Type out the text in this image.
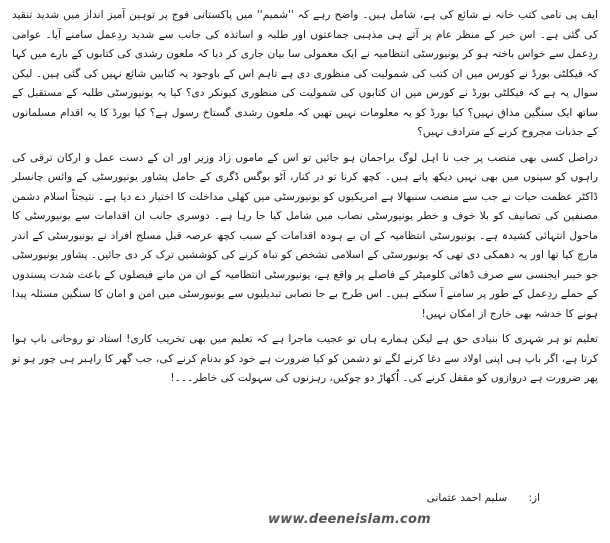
ایف پی نامی کتب خانہ نے شائع کی ہے، شامل ہیں۔ واضح رہے کہ ''شمیم'' میں پاکستانی فوج پر توہین آمیز انداز میں شدید تنقید کی گئی ہے۔ اس خبر کے منظر عام پر آتے ہی مذہبی جماعتوں اور طلبہ و اساتذہ کی جانب سے شدید ردِعمل سامنے آیا۔ عوامی ردِعمل سے خواس باختہ ہو کر یونیورسٹی انتظامیہ نے ایک معمولی سا بیان جاری کر دیا کہ ملعون رشدی کی کتابوں کے بارے میں کہا کہ فیکلٹی بورڈ نے کورس میں ان کتب کی شمولیت کی منظوری دی ہے تاہم اس کے باوجود یہ کتابیں شائع نہیں کی گئی ہیں۔ لیکن سوال یہ ہے کہ فیکلٹی بورڈ نے کورس میں ان کتابوں کی شمولیت کی منظوری کیونکر دی؟ کیا یہ یونیورسٹی طلبہ کے مستقبل کے ساتھ ایک سنگین مذاق نہیں؟ کیا بورڈ کو یہ معلومات نہیں تھیں کہ ملعون رشدی گستاخ رسول ہے؟ کیا بورڈ کا یہ اقدام مسلمانوں کے جذبات مجروح کرنے کے مترادف نہیں؟

دراصل کسی بھی منصب پر جب نا اہل لوگ براجمان ہو جائیں تو اس کے ماموں زاد وزیر اور ان کے دست عمل و ارکان ترقی کی راہوں کو سپنوں میں بھی نہیں دیکھ پاتے ہیں۔ کچھ کرنا تو در کنار، آٹو بوگس ڈگری کے حامل پشاور یونیورسٹی کے وائس چانسلر ڈاکٹر عظمت حیات نے جب سے منصب سنبھالا ہے امریکیوں کو یونیورسٹی میں کھلی مداخلت کا اختیار دے دیا ہے۔ نتیجتاً اسلام دشمن مصنفین کی تصانیف کو بلا خوف و خطر یونیورسٹی نصاب میں شامل کیا جا رہا ہے۔ دوسری جانب ان اقدامات سے یونیورسٹی کا ماحول انتہائی کشیدہ ہے۔ یونیورسٹی انتظامیہ کے ان بے ہودہ اقدامات کے سبب کچھ عرصہ قبل مسلح افراد نے یونیورسٹی کے اندر مارچ کیا تھا اور یہ دھمکی دی تھی کہ یونیورسٹی کے اسلامی تشخص کو تباہ کرنے کی کوششیں ترک کر دی جائیں۔ پشاور یونیورسٹی جو خیبر ایجنسی سے صرف ڈھائی کلومیٹر کے فاصلے پر واقع ہے، یونیورسٹی انتظامیہ کے ان من مانے فیصلوں کے باعث شدت پسندوں کے حملے ردِعمل کے طور پر سامنے آ سکتے ہیں۔ اس طرح بے جا نصابی تبدیلیوں سے یونیورسٹی میں امن و امان کا سنگین مسئلہ پیدا ہونے کا خدشہ بھی خارج از امکان نہیں!

تعلیم تو ہر شہری کا بنیادی حق ہے لیکن ہمارے ہاں تو عجیب ماجرا ہے کہ تعلیم میں بھی تخریب کاری! استاد تو روحانی باپ ہوا کرتا ہے، اگر باپ ہی اپنی اولاد سے دغا کرنے لگے تو دشمن کو کیا ضرورت ہے خود کو بدنام کرنے کی، جب گھر کا راہبر ہی چور ہو تو پھر ضرورت ہے دروازوں کو مقفل کرنے کی۔ اُکھاڑ دو چوکیں، رہزنوں کی سہولت کی خاطر۔۔۔!

از: سلیم احمد عثمانی
www.deeneislam.com
